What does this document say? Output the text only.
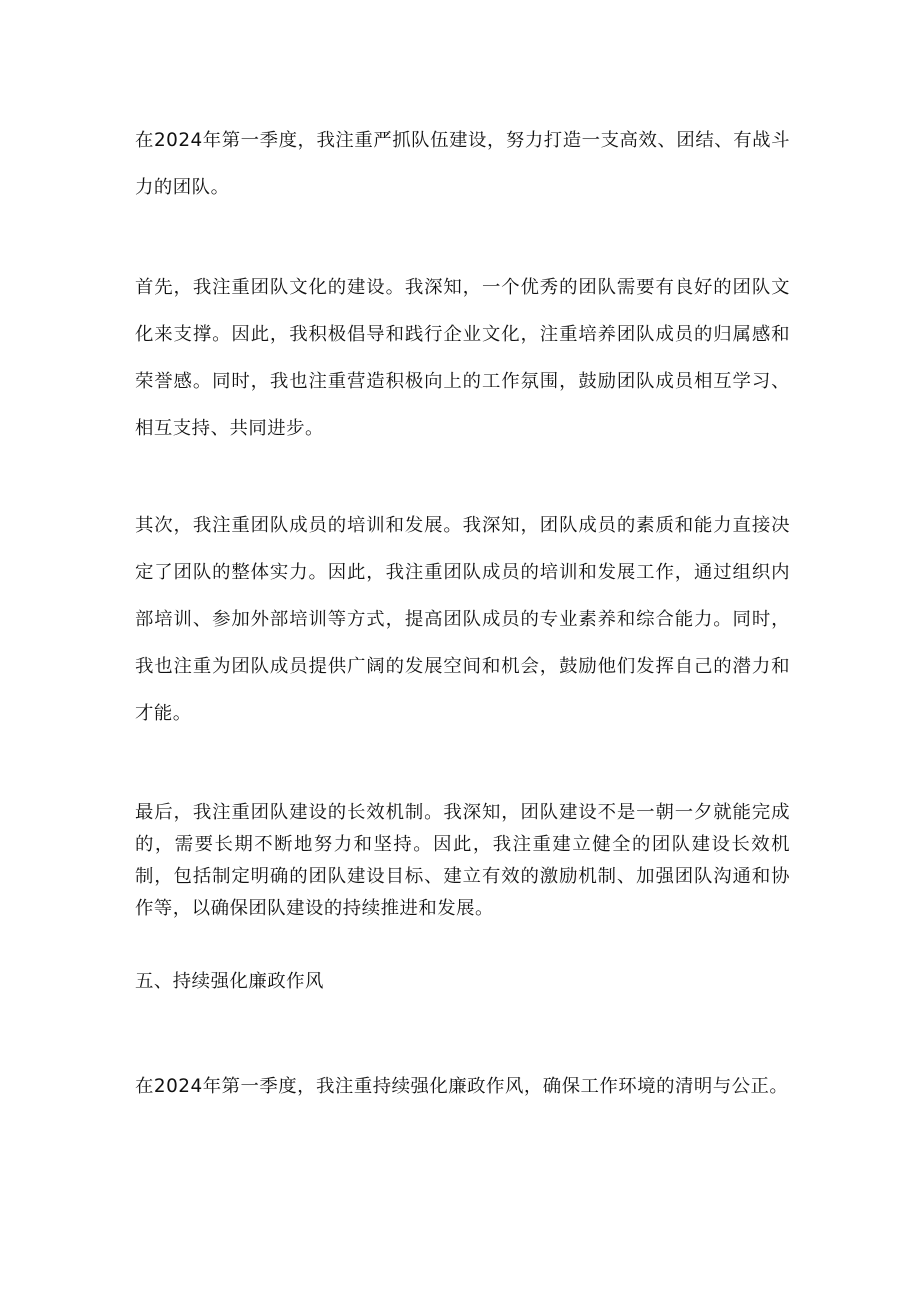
在2024年第一季度，我注重严抓队伍建设，努力打造一支高效、团结、有战斗力的团队。

首先，我注重团队文化的建设。我深知，一个优秀的团队需要有良好的团队文化来支撑。因此，我积极倡导和践行企业文化，注重培养团队成员的归属感和荣誉感。同时，我也注重营造积极向上的工作氛围，鼓励团队成员相互学习、相互支持、共同进步。

其次，我注重团队成员的培训和发展。我深知，团队成员的素质和能力直接决定了团队的整体实力。因此，我注重团队成员的培训和发展工作，通过组织内部培训、参加外部培训等方式，提高团队成员的专业素养和综合能力。同时，我也注重为团队成员提供广阔的发展空间和机会，鼓励他们发挥自己的潜力和才能。

最后，我注重团队建设的长效机制。我深知，团队建设不是一朝一夕就能完成的，需要长期不断地努力和坚持。因此，我注重建立健全的团队建设长效机制，包括制定明确的团队建设目标、建立有效的激励机制、加强团队沟通和协作等，以确保团队建设的持续推进和发展。

五、持续强化廉政作风

在2024年第一季度，我注重持续强化廉政作风，确保工作环境的清明与公正。
